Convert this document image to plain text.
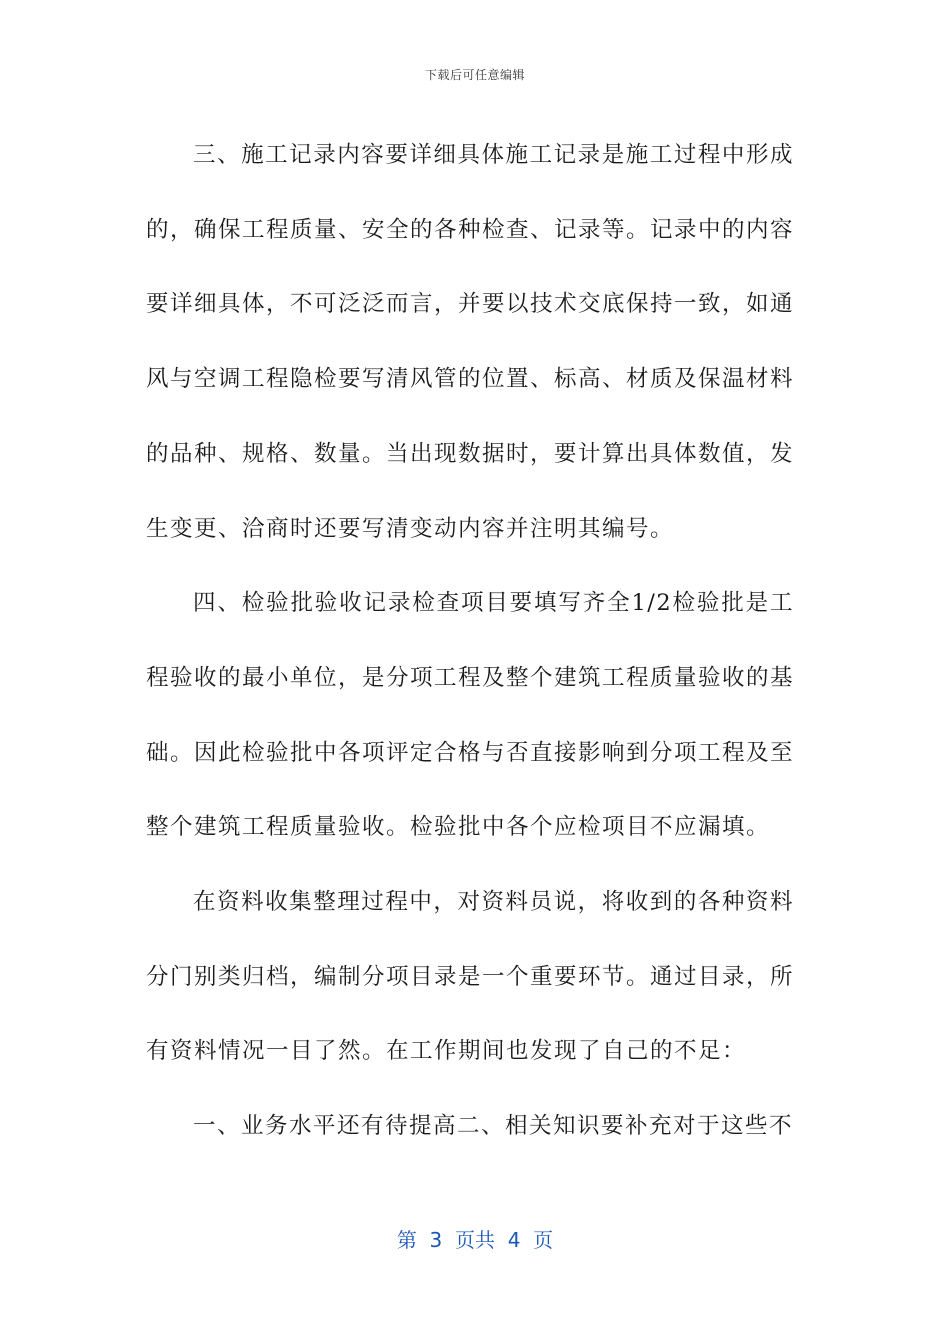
下载后可任意编辑

三、施工记录内容要详细具体施工记录是施工过程中形成的，确保工程质量、安全的各种检查、记录等。记录中的内容要详细具体，不可泛泛而言，并要以技术交底保持一致，如通风与空调工程隐检要写清风管的位置、标高、材质及保温材料的品种、规格、数量。当出现数据时，要计算出具体数值，发生变更、洽商时还要写清变动内容并注明其编号。

四、检验批验收记录检查项目要填写齐全1/2检验批是工程验收的最小单位，是分项工程及整个建筑工程质量验收的基础。因此检验批中各项评定合格与否直接影响到分项工程及至整个建筑工程质量验收。检验批中各个应检项目不应漏填。

在资料收集整理过程中，对资料员说，将收到的各种资料分门别类归档，编制分项目录是一个重要环节。通过目录，所有资料情况一目了然。在工作期间也发现了自己的不足：

一、业务水平还有待提高二、相关知识要补充对于这些不

第  3  页共  4  页
